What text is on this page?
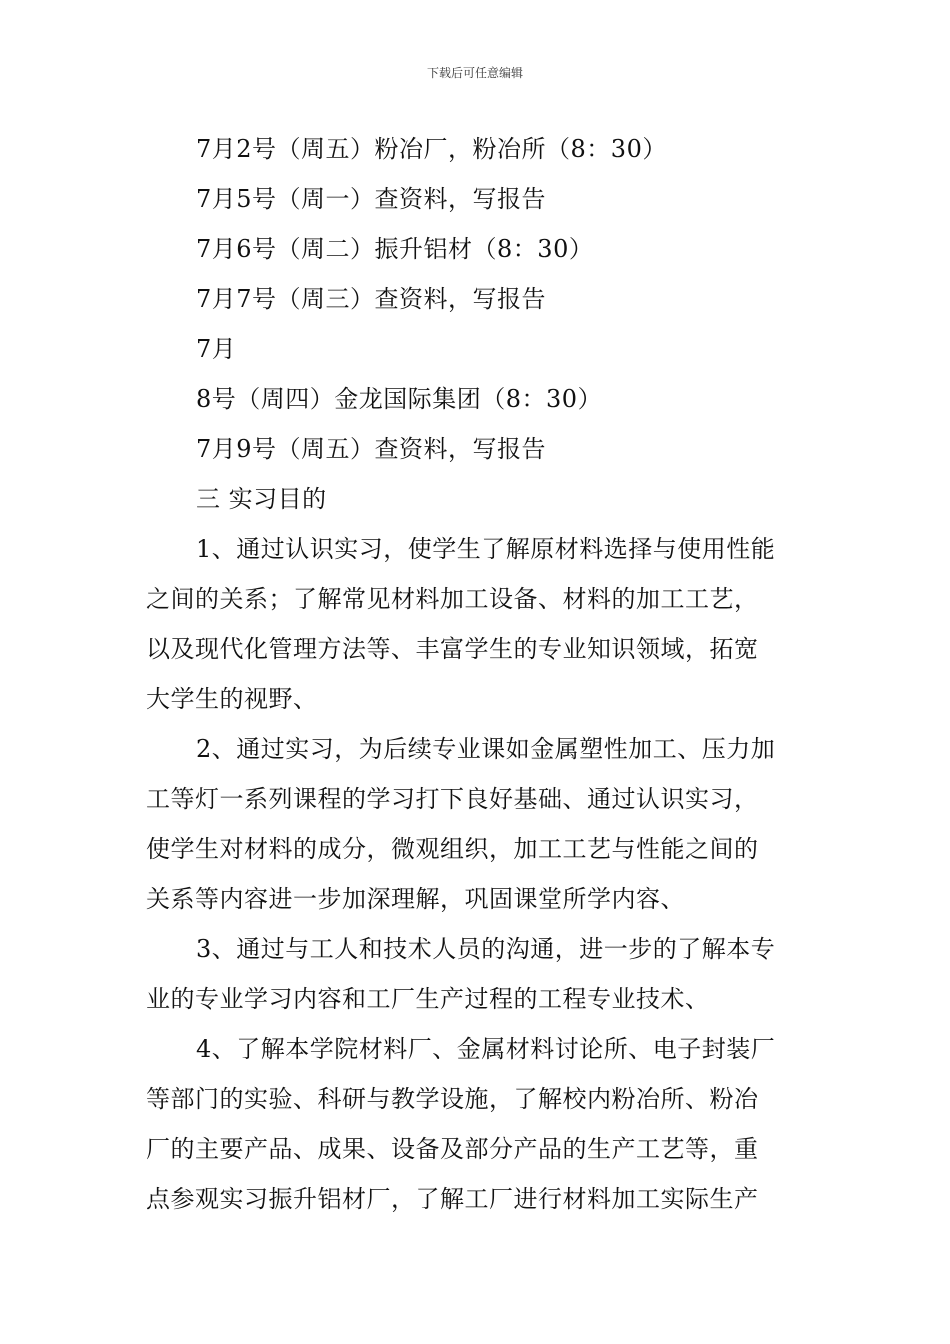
下载后可任意编辑
7月2号（周五）粉冶厂，粉冶所（8：30）
7月5号（周一）查资料，写报告
7月6号（周二）振升铝材（8：30）
7月7号（周三）查资料，写报告
7月
8号（周四）金龙国际集团（8：30）
7月9号（周五）查资料，写报告
三 实习目的
1、通过认识实习，使学生了解原材料选择与使用性能
之间的关系；了解常见材料加工设备、材料的加工工艺，
以及现代化管理方法等、丰富学生的专业知识领域，拓宽
大学生的视野、
2、通过实习，为后续专业课如金属塑性加工、压力加
工等灯一系列课程的学习打下良好基础、通过认识实习，
使学生对材料的成分，微观组织，加工工艺与性能之间的
关系等内容进一步加深理解，巩固课堂所学内容、
3、通过与工人和技术人员的沟通，进一步的了解本专
业的专业学习内容和工厂生产过程的工程专业技术、
4、了解本学院材料厂、金属材料讨论所、电子封装厂
等部门的实验、科研与教学设施，了解校内粉冶所、粉冶
厂的主要产品、成果、设备及部分产品的生产工艺等，重
点参观实习振升铝材厂，了解工厂进行材料加工实际生产
